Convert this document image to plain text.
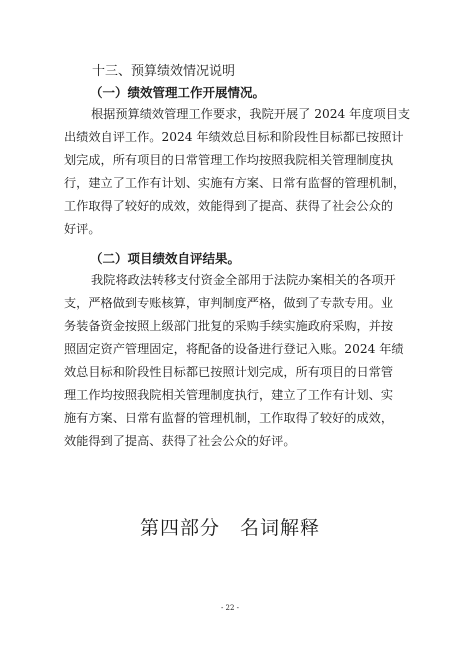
十三、预算绩效情况说明
（一）绩效管理工作开展情况。
根据预算绩效管理工作要求，我院开展了 2024 年度项目支
出绩效自评工作。2024 年绩效总目标和阶段性目标都已按照计
划完成，所有项目的日常管理工作均按照我院相关管理制度执
行，建立了工作有计划、实施有方案、日常有监督的管理机制，
工作取得了较好的成效，效能得到了提高、获得了社会公众的
好评。
（二）项目绩效自评结果。
我院将政法转移支付资金全部用于法院办案相关的各项开
支，严格做到专账核算，审判制度严格，做到了专款专用。业
务装备资金按照上级部门批复的采购手续实施政府采购，并按
照固定资产管理固定，将配备的设备进行登记入账。2024 年绩
效总目标和阶段性目标都已按照计划完成，所有项目的日常管
理工作均按照我院相关管理制度执行，建立了工作有计划、实
施有方案、日常有监督的管理机制，工作取得了较好的成效，
效能得到了提高、获得了社会公众的好评。
第四部分　名词解释
- 22 -
